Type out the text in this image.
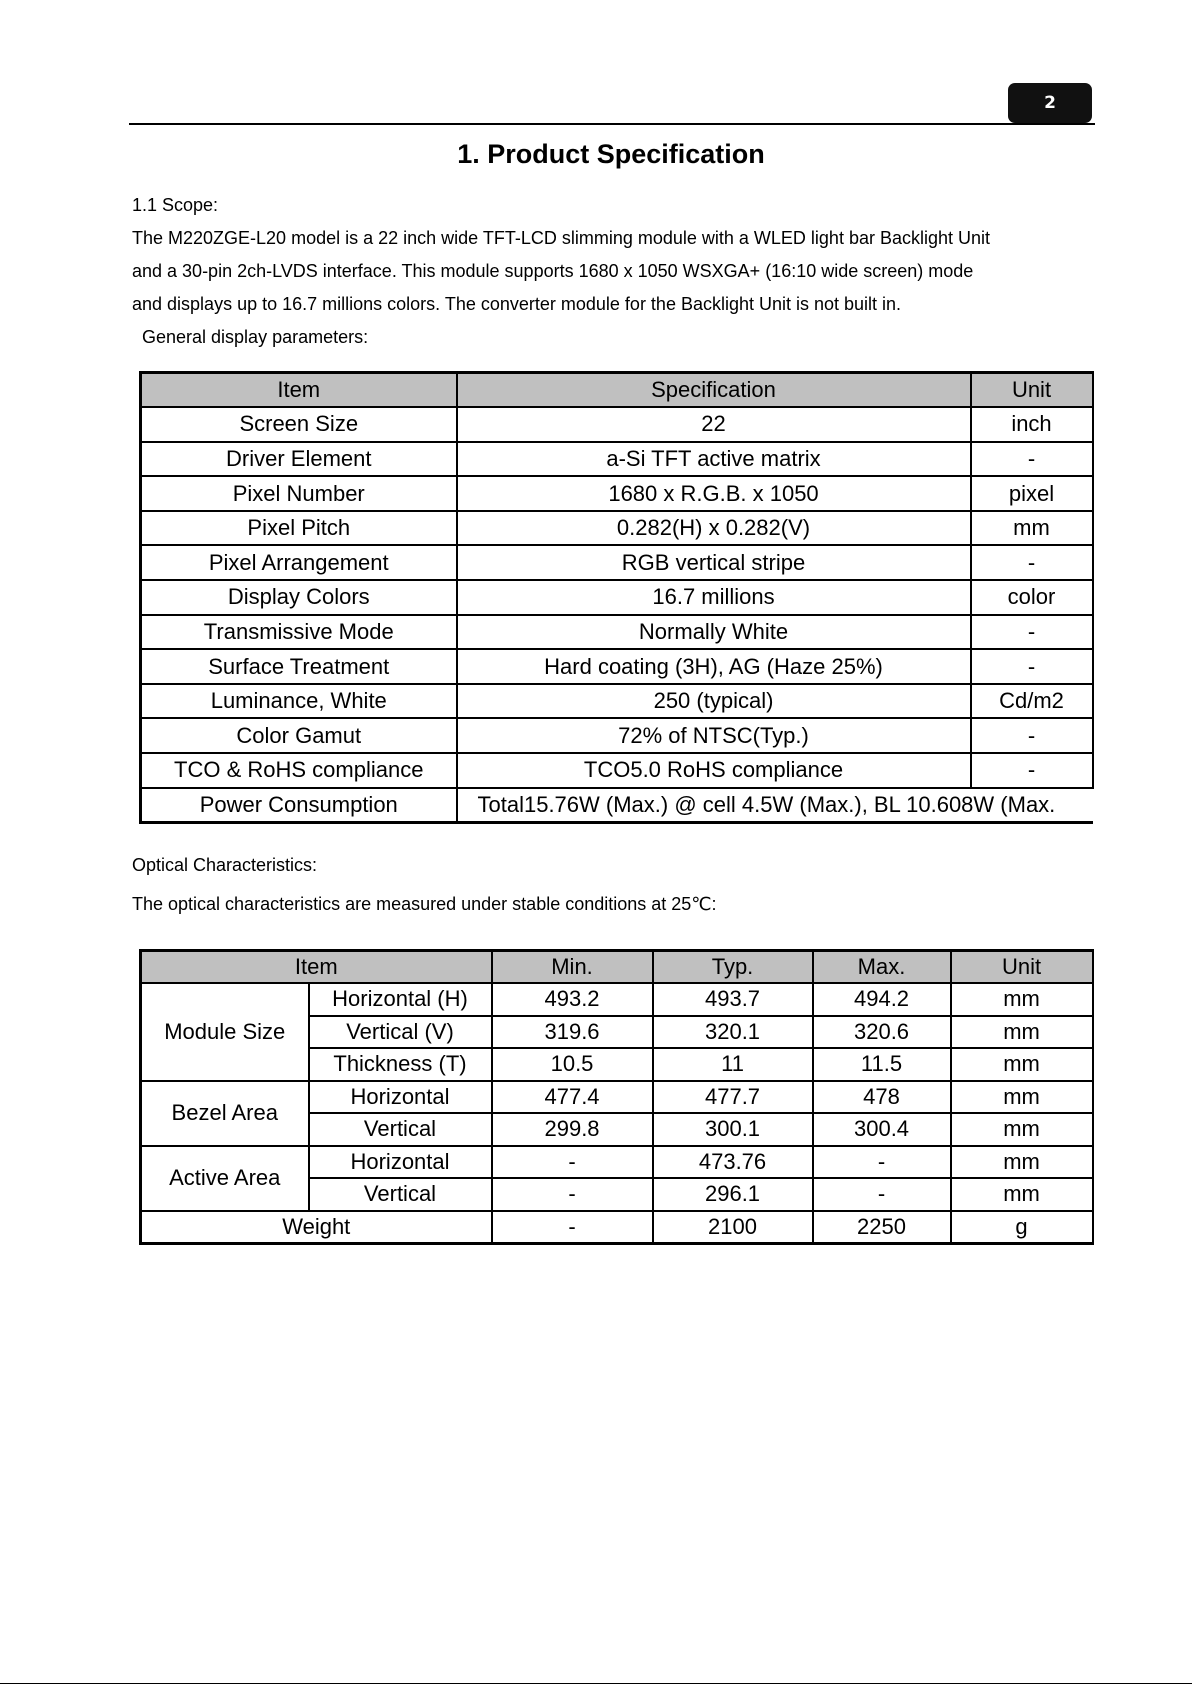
2
1. Product Specification
1.1 Scope:
The M220ZGE-L20 model is a 22 inch wide TFT-LCD slimming module with a WLED light bar Backlight Unit
and a 30-pin 2ch-LVDS interface. This module supports 1680 x 1050 WSXGA+ (16:10 wide screen) mode
and displays up to 16.7 millions colors. The converter module for the Backlight Unit is not built in.
General display parameters:
Item	Specification	Unit
Screen Size	22	inch
Driver Element	a-Si TFT active matrix	-
Pixel Number	1680 x R.G.B. x 1050	pixel
Pixel Pitch	0.282(H) x 0.282(V)	mm
Pixel Arrangement	RGB vertical stripe	-
Display Colors	16.7 millions	color
Transmissive Mode	Normally White	-
Surface Treatment	Hard coating (3H), AG (Haze 25%)	-
Luminance, White	250 (typical)	Cd/m2
Color Gamut	72% of NTSC(Typ.)	-
TCO & RoHS compliance	TCO5.0 RoHS compliance	-
Power Consumption	Total15.76W (Max.) @ cell 4.5W (Max.), BL 10.608W (Max.	
Optical Characteristics:
The optical characteristics are measured under stable conditions at 25℃:
Item		Min.	Typ.	Max.	Unit
Module Size	Horizontal (H)	493.2	493.7	494.2	mm
	Vertical (V)	319.6	320.1	320.6	mm
	Thickness (T)	10.5	11	11.5	mm
Bezel Area	Horizontal	477.4	477.7	478	mm
	Vertical	299.8	300.1	300.4	mm
Active Area	Horizontal	-	473.76	-	mm
	Vertical	-	296.1	-	mm
Weight		-	2100	2250	g
